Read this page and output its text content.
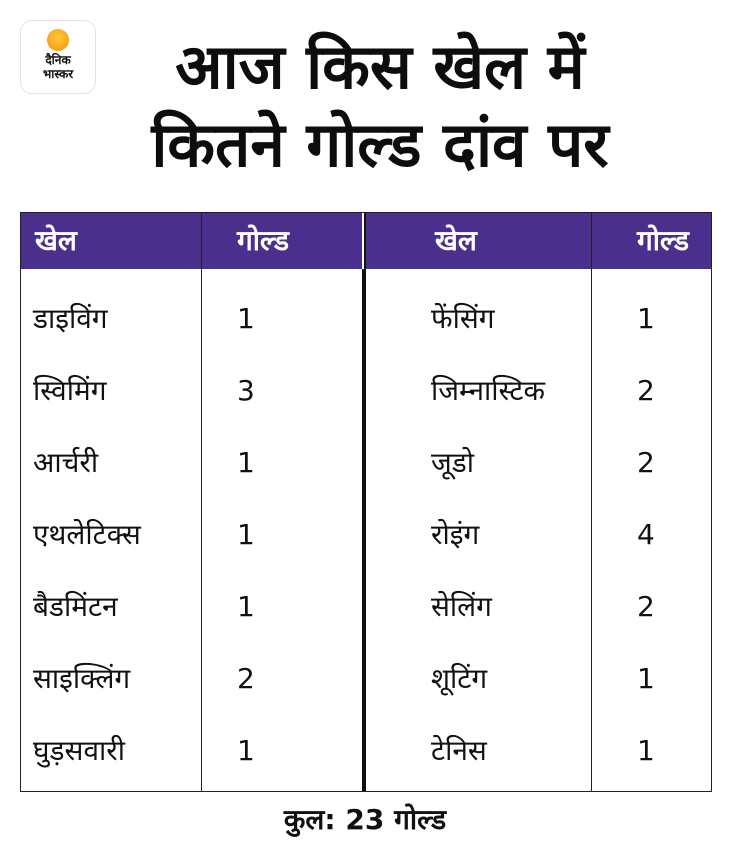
दैनिक
भास्कर	आज किस खेल में
कितने गोल्ड दांव पर
खेल	गोल्ड	खेल	गोल्ड
डाइविंग	1	फेंसिंग	1
स्विमिंग	3	जिम्नास्टिक	2
आर्चरी	1	जूडो	2
एथलेटिक्स	1	रोइंग	4
बैडमिंटन	1	सेलिंग	2
साइक्लिंग	2	शूटिंग	1
घुड़सवारी	1	टेनिस	1
कुल: 23 गोल्ड
